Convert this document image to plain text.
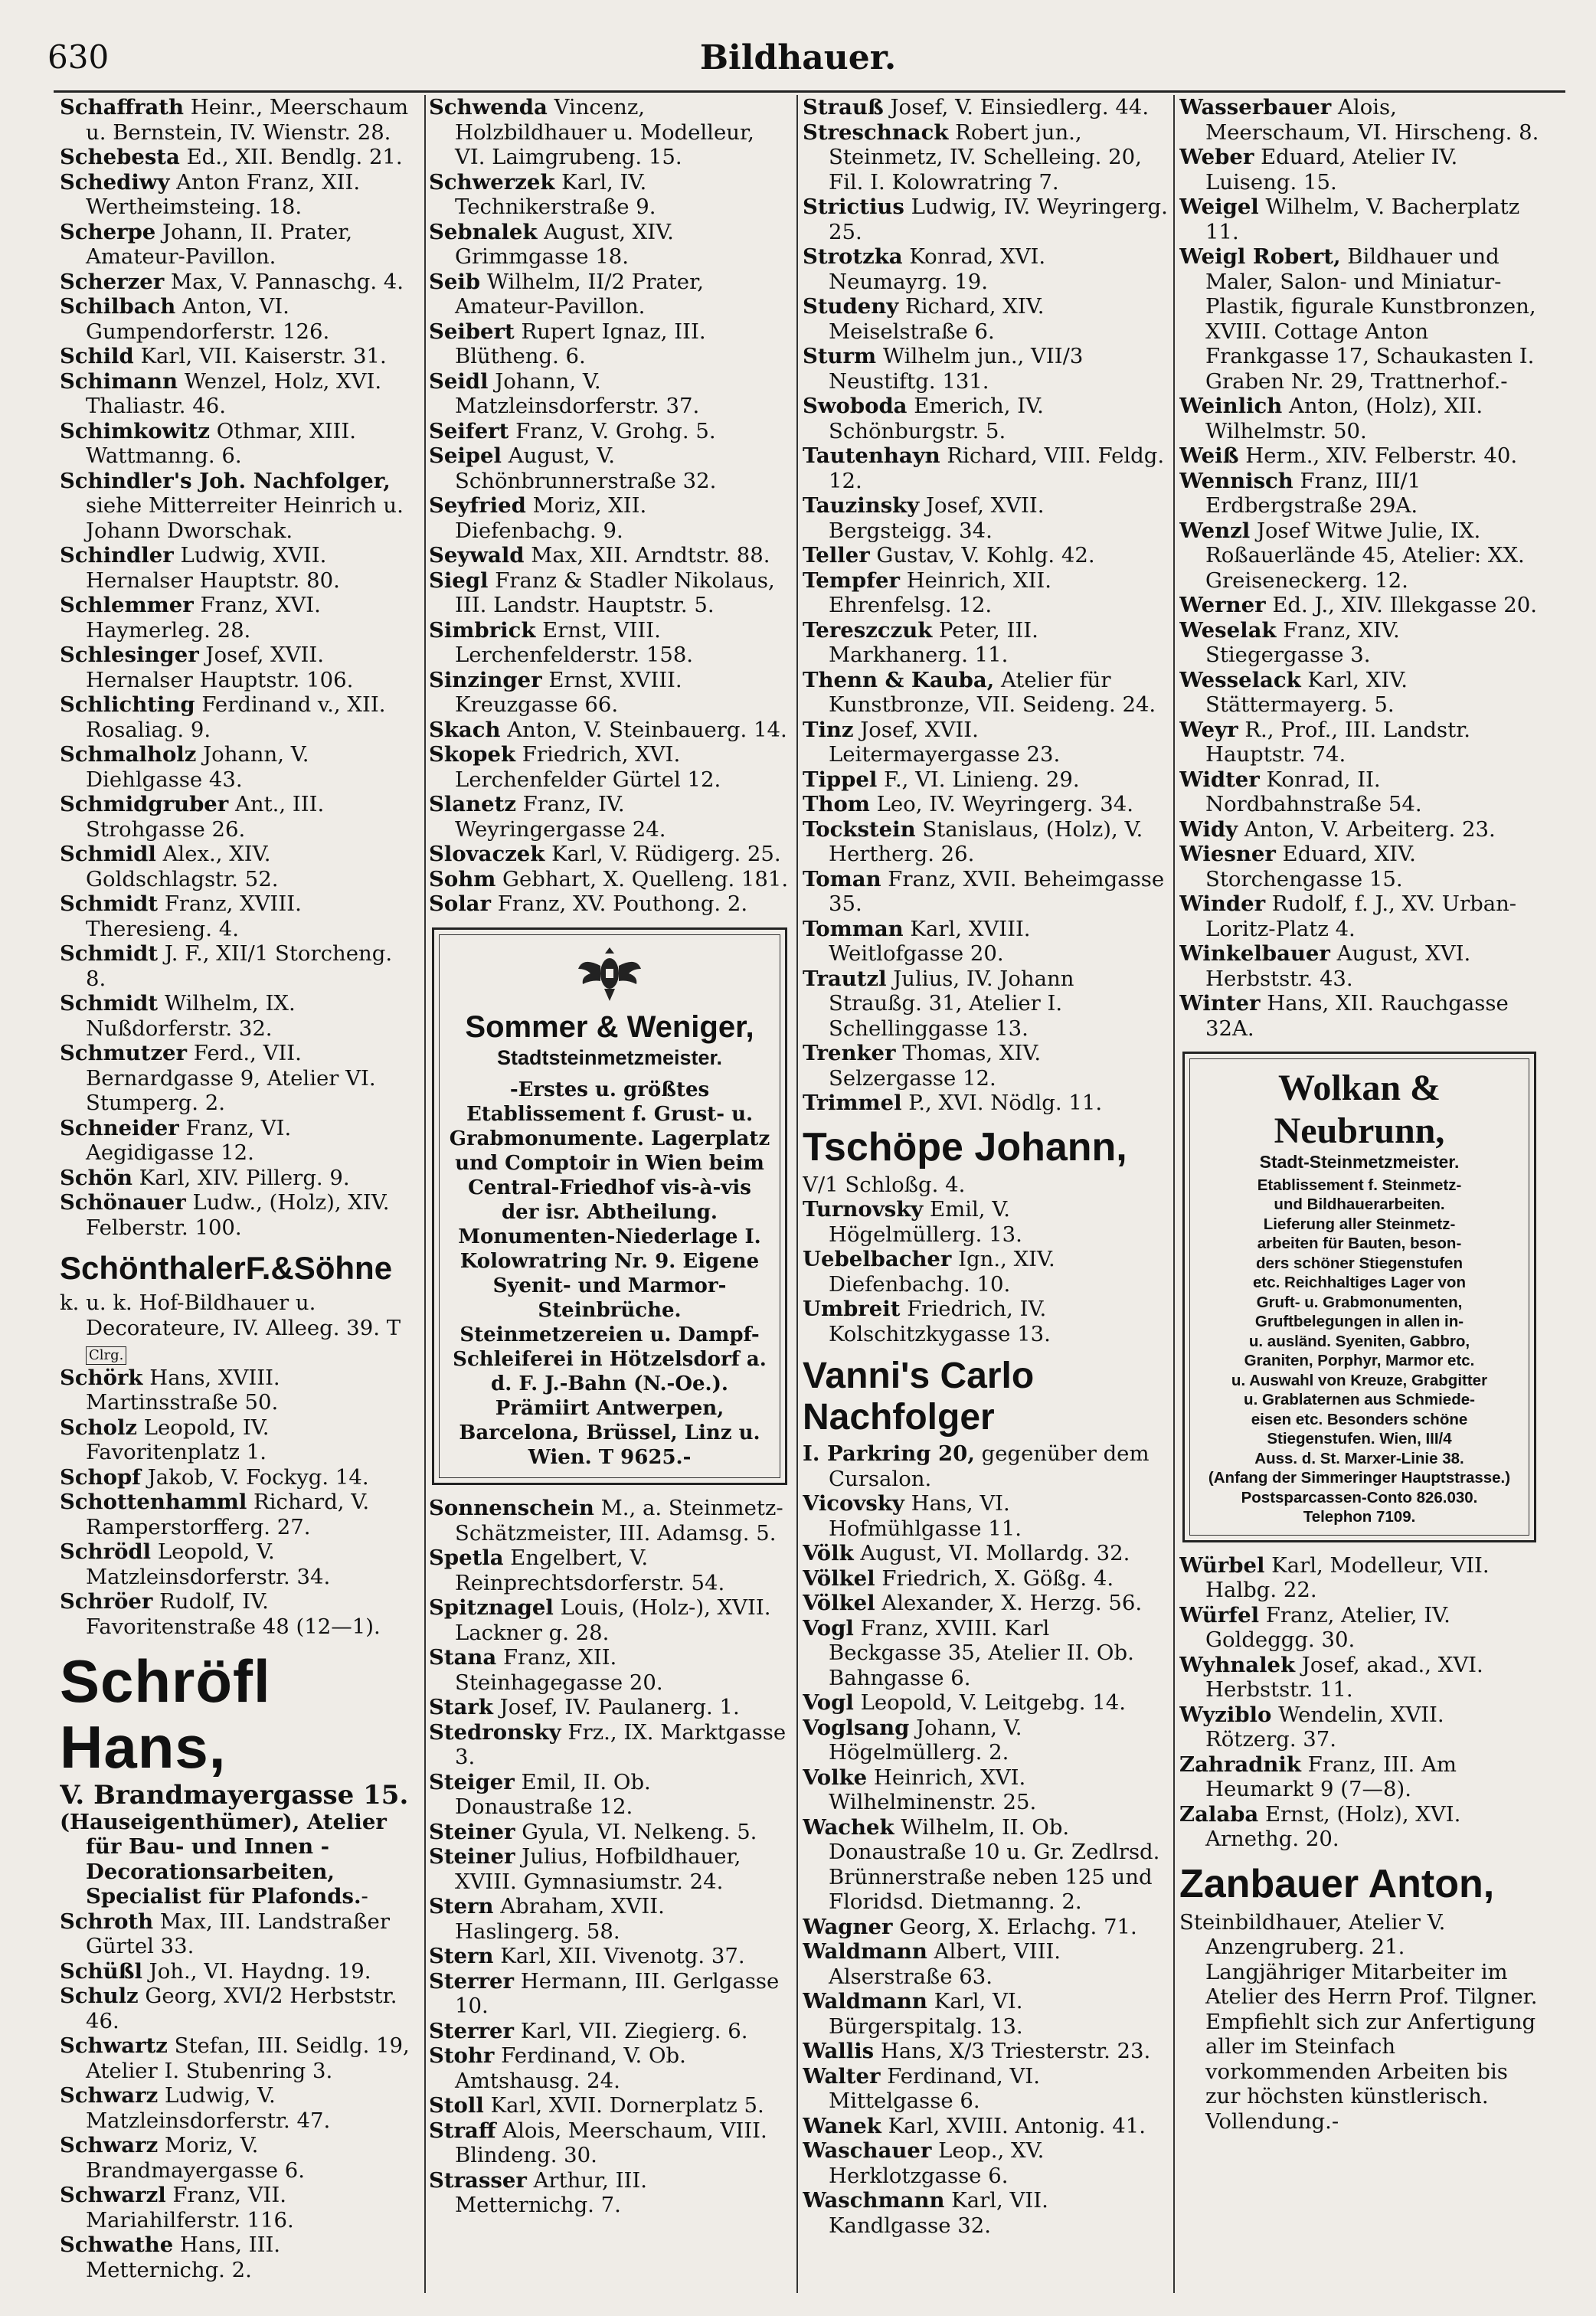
630	Bildhauer.

Schaffrath Heinr., Meerschaum u. Bernstein, IV. Wienstr. 28.

Schebesta Ed., XII. Bendlg. 21.

Schediwy Anton Franz, XII. Wertheimsteing. 18.

Scherpe Johann, II. Prater, Amateur-Pavillon.

Scherzer Max, V. Pannaschg. 4.

Schilbach Anton, VI. Gumpendorferstr. 126.

Schild Karl, VII. Kaiserstr. 31.

Schimann Wenzel, Holz, XVI. Thaliastr. 46.

Schimkowitz Othmar, XIII. Wattmanng. 6.

Schindler's Joh. Nachfolger, siehe Mitterreiter Heinrich u. Johann Dworschak.

Schindler Ludwig, XVII. Hernalser Hauptstr. 80.

Schlemmer Franz, XVI. Haymerleg. 28.

Schlesinger Josef, XVII. Hernalser Hauptstr. 106.

Schlichting Ferdinand v., XII. Rosaliag. 9.

Schmalholz Johann, V. Diehlgasse 43.

Schmidgruber Ant., III. Strohgasse 26.

Schmidl Alex., XIV. Goldschlagstr. 52.

Schmidt Franz, XVIII. Theresieng. 4.

Schmidt J. F., XII/1 Storcheng. 8.

Schmidt Wilhelm, IX. Nußdorferstr. 32.

Schmutzer Ferd., VII. Bernardgasse 9, Atelier VI. Stumperg. 2.

Schneider Franz, VI. Aegidigasse 12.

Schön Karl, XIV. Pillerg. 9.

Schönauer Ludw., (Holz), XIV. Felberstr. 100.

SchönthalerF.&Söhne

k. u. k. Hof-Bildhauer u. Decorateure, IV. Alleeg. 39. T Clrg.

Schörk Hans, XVIII. Martinsstraße 50.

Scholz Leopold, IV. Favoritenplatz 1.

Schopf Jakob, V. Fockyg. 14.

Schottenhamml Richard, V. Ramperstorfferg. 27.

Schrödl Leopold, V. Matzleinsdorferstr. 34.

Schröer Rudolf, IV. Favoritenstraße 48 (12—1).

Schröfl Hans,

V. Brandmayergasse 15.

(Hauseigenthümer), Atelier für Bau- und Innen - Decorationsarbeiten, Specialist für Plafonds.-

Schroth Max, III. Landstraßer Gürtel 33.

Schüßl Joh., VI. Haydng. 19.

Schulz Georg, XVI/2 Herbststr. 46.

Schwartz Stefan, III. Seidlg. 19, Atelier I. Stubenring 3.

Schwarz Ludwig, V. Matzleinsdorferstr. 47.

Schwarz Moriz, V. Brandmayergasse 6.

Schwarzl Franz, VII. Mariahilferstr. 116.

Schwathe Hans, III. Metternichg. 2.

Schwenda Vincenz, Holzbildhauer u. Modelleur, VI. Laimgrubeng. 15.

Schwerzek Karl, IV. Technikerstraße 9.

Sebnalek August, XIV. Grimmgasse 18.

Seib Wilhelm, II/2 Prater, Amateur-Pavillon.

Seibert Rupert Ignaz, III. Blütheng. 6.

Seidl Johann, V. Matzleinsdorferstr. 37.

Seifert Franz, V. Grohg. 5.

Seipel August, V. Schönbrunnerstraße 32.

Seyfried Moriz, XII. Diefenbachg. 9.

Seywald Max, XII. Arndtstr. 88.

Siegl Franz & Stadler Nikolaus, III. Landstr. Hauptstr. 5.

Simbrick Ernst, VIII. Lerchenfelderstr. 158.

Sinzinger Ernst, XVIII. Kreuzgasse 66.

Skach Anton, V. Steinbauerg. 14.

Skopek Friedrich, XVI. Lerchenfelder Gürtel 12.

Slanetz Franz, IV. Weyringergasse 24.

Slovaczek Karl, V. Rüdigerg. 25.

Sohm Gebhart, X. Quelleng. 181.

Solar Franz, XV. Pouthong. 2.

Sommer & Weniger,
Stadtsteinmetzmeister.
-Erstes u. größtes Etablissement f. Grust- u. Grabmonumente. Lagerplatz und Comptoir in Wien beim Central-Friedhof vis-à-vis der isr. Abtheilung. Monumenten-Niederlage I. Kolowratring Nr. 9. Eigene Syenit- und Marmor-Steinbrüche. Steinmetzereien u. Dampf-Schleiferei in Hötzelsdorf a. d. F. J.-Bahn (N.-Oe.). Prämiirt Antwerpen, Barcelona, Brüssel, Linz u. Wien. T 9625.-

Sonnenschein M., a. Steinmetz-Schätzmeister, III. Adamsg. 5.

Spetla Engelbert, V. Reinprechtsdorferstr. 54.

Spitznagel Louis, (Holz-), XVII. Lackner g. 28.

Stana Franz, XII. Steinhagegasse 20.

Stark Josef, IV. Paulanerg. 1.

Stedronsky Frz., IX. Marktgasse 3.

Steiger Emil, II. Ob. Donaustraße 12.

Steiner Gyula, VI. Nelkeng. 5.

Steiner Julius, Hofbildhauer, XVIII. Gymnasiumstr. 24.

Stern Abraham, XVII. Haslingerg. 58.

Stern Karl, XII. Vivenotg. 37.

Sterrer Hermann, III. Gerlgasse 10.

Sterrer Karl, VII. Ziegierg. 6.

Stohr Ferdinand, V. Ob. Amtshausg. 24.

Stoll Karl, XVII. Dornerplatz 5.

Straff Alois, Meerschaum, VIII. Blindeng. 30.

Strasser Arthur, III. Metternichg. 7.

Strauß Josef, V. Einsiedlerg. 44.

Streschnack Robert jun., Steinmetz, IV. Schelleing. 20, Fil. I. Kolowratring 7.

Strictius Ludwig, IV. Weyringerg. 25.

Strotzka Konrad, XVI. Neumayrg. 19.

Studeny Richard, XIV. Meiselstraße 6.

Sturm Wilhelm jun., VII/3 Neustiftg. 131.

Swoboda Emerich, IV. Schönburgstr. 5.

Tautenhayn Richard, VIII. Feldg. 12.

Tauzinsky Josef, XVII. Bergsteigg. 34.

Teller Gustav, V. Kohlg. 42.

Tempfer Heinrich, XII. Ehrenfelsg. 12.

Tereszczuk Peter, III. Markhanerg. 11.

Thenn & Kauba, Atelier für Kunstbronze, VII. Seideng. 24.

Tinz Josef, XVII. Leitermayergasse 23.

Tippel F., VI. Linieng. 29.

Thom Leo, IV. Weyringerg. 34.

Tockstein Stanislaus, (Holz), V. Hertherg. 26.

Toman Franz, XVII. Beheimgasse 35.

Tomman Karl, XVIII. Weitlofgasse 20.

Trautzl Julius, IV. Johann Straußg. 31, Atelier I. Schellinggasse 13.

Trenker Thomas, XIV. Selzergasse 12.

Trimmel P., XVI. Nödlg. 11.

Tschöpe Johann,

V/1 Schloßg. 4.

Turnovsky Emil, V. Högelmüllerg. 13.

Uebelbacher Ign., XIV. Diefenbachg. 10.

Umbreit Friedrich, IV. Kolschitzkygasse 13.

Vanni's Carlo Nachfolger

I. Parkring 20, gegenüber dem Cursalon.

Vicovsky Hans, VI. Hofmühlgasse 11.

Völk August, VI. Mollardg. 32.

Völkel Friedrich, X. Gößg. 4.

Völkel Alexander, X. Herzg. 56.

Vogl Franz, XVIII. Karl Beckgasse 35, Atelier II. Ob. Bahngasse 6.

Vogl Leopold, V. Leitgebg. 14.

Voglsang Johann, V. Högelmüllerg. 2.

Volke Heinrich, XVI. Wilhelminenstr. 25.

Wachek Wilhelm, II. Ob. Donaustraße 10 u. Gr. Zedlrsd. Brünnerstraße neben 125 und Floridsd. Dietmanng. 2.

Wagner Georg, X. Erlachg. 71.

Waldmann Albert, VIII. Alserstraße 63.

Waldmann Karl, VI. Bürgerspitalg. 13.

Wallis Hans, X/3 Triesterstr. 23.

Walter Ferdinand, VI. Mittelgasse 6.

Wanek Karl, XVIII. Antonig. 41.

Waschauer Leop., XV. Herklotzgasse 6.

Waschmann Karl, VII. Kandlgasse 32.

Wasserbauer Alois, Meerschaum, VI. Hirscheng. 8.

Weber Eduard, Atelier IV. Luiseng. 15.

Weigel Wilhelm, V. Bacherplatz 11.

Weigl Robert, Bildhauer und Maler, Salon- und Miniatur-Plastik, figurale Kunstbronzen, XVIII. Cottage Anton Frankgasse 17, Schaukasten I. Graben Nr. 29, Trattnerhof.-

Weinlich Anton, (Holz), XII. Wilhelmstr. 50.

Weiß Herm., XIV. Felberstr. 40.

Wennisch Franz, III/1 Erdbergstraße 29A.

Wenzl Josef Witwe Julie, IX. Roßauerlände 45, Atelier: XX. Greiseneckerg. 12.

Werner Ed. J., XIV. Illekgasse 20.

Weselak Franz, XIV. Stiegergasse 3.

Wesselack Karl, XIV. Stättermayerg. 5.

Weyr R., Prof., III. Landstr. Hauptstr. 74.

Widter Konrad, II. Nordbahnstraße 54.

Widy Anton, V. Arbeiterg. 23.

Wiesner Eduard, XIV. Storchengasse 15.

Winder Rudolf, f. J., XV. Urban-Loritz-Platz 4.

Winkelbauer August, XVI. Herbststr. 43.

Winter Hans, XII. Rauchgasse 32A.

Wolkan & Neubrunn,
Stadt-Steinmetzmeister.
Etablissement f. Steinmetz-
und Bildhauerarbeiten.
Lieferung aller Steinmetz-
arbeiten für Bauten, beson-
ders schöner Stiegenstufen
etc. Reichhaltiges Lager von
Gruft- u. Grabmonumenten,
Gruftbelegungen in allen in-
u. ausländ. Syeniten, Gabbro,
Graniten, Porphyr, Marmor etc.
u. Auswahl von Kreuze, Grabgitter
u. Grablaternen aus Schmiede-
eisen etc. Besonders schöne
Stiegenstufen. Wien, III/4
Auss. d. St. Marxer-Linie 38.
(Anfang der Simmeringer Hauptstrasse.)
Postsparcassen-Conto 826.030.
Telephon 7109.

Würbel Karl, Modelleur, VII. Halbg. 22.

Würfel Franz, Atelier, IV. Goldeggg. 30.

Wyhnalek Josef, akad., XVI. Herbststr. 11.

Wyziblo Wendelin, XVII. Rötzerg. 37.

Zahradnik Franz, III. Am Heumarkt 9 (7—8).

Zalaba Ernst, (Holz), XVI. Arnethg. 20.

Zanbauer Anton,

Steinbildhauer, Atelier V. Anzengruberg. 21. Langjähriger Mitarbeiter im Atelier des Herrn Prof. Tilgner. Empfiehlt sich zur Anfertigung aller im Steinfach vorkommenden Arbeiten bis zur höchsten künstlerisch. Vollendung.-
